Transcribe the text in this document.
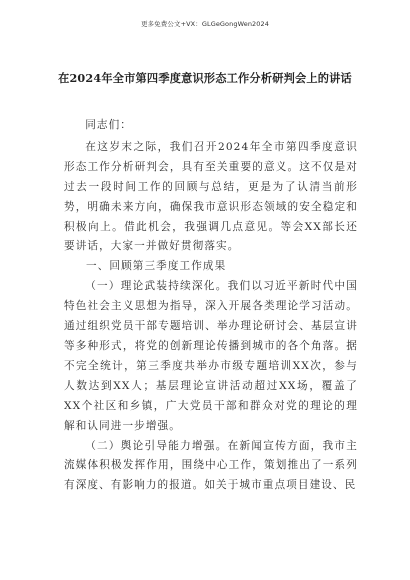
更多免费公文+VX：GLGeGongWen2024
在2024年全市第四季度意识形态工作分析研判会上的讲话

同志们：

在这岁末之际，我们召开2024年全市第四季度意识形态工作分析研判会，具有至关重要的意义。这不仅是对过去一段时间工作的回顾与总结，更是为了认清当前形势，明确未来方向，确保我市意识形态领域的安全稳定和积极向上。借此机会，我强调几点意见。等会XX部长还要讲话，大家一并做好贯彻落实。

一、回顾第三季度工作成果

（一）理论武装持续深化。我们以习近平新时代中国特色社会主义思想为指导，深入开展各类理论学习活动。通过组织党员干部专题培训、举办理论研讨会、基层宣讲等多种形式，将党的创新理论传播到城市的各个角落。据不完全统计，第三季度共举办市级专题培训XX次，参与人数达到XX人；基层理论宣讲活动超过XX场，覆盖了XX个社区和乡镇，广大党员干部和群众对党的理论的理解和认同进一步增强。

（二）舆论引导能力增强。在新闻宣传方面，我市主流媒体积极发挥作用，围绕中心工作，策划推出了一系列有深度、有影响力的报道。如关于城市重点项目建设、民
